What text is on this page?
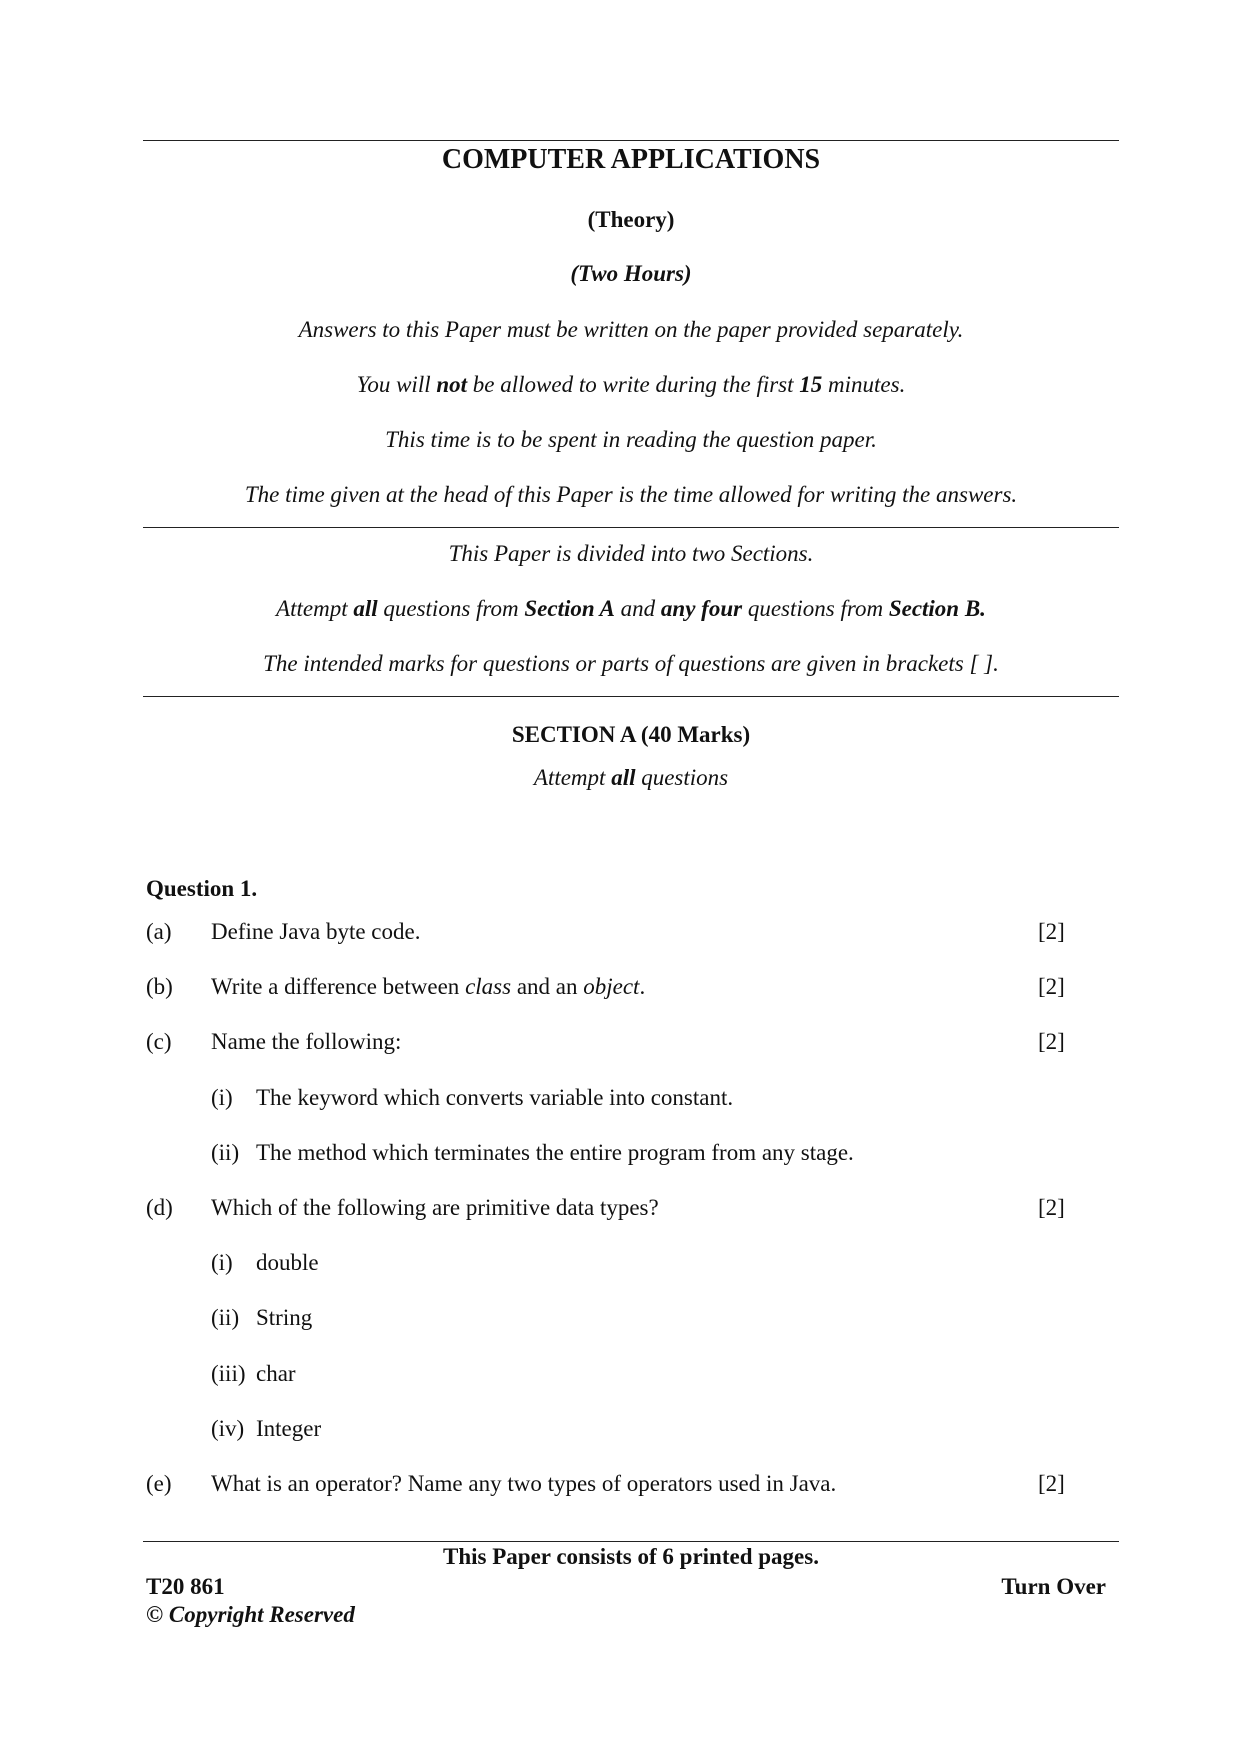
COMPUTER APPLICATIONS
(Theory)
(Two Hours)
Answers to this Paper must be written on the paper provided separately.
You will not be allowed to write during the first 15 minutes.
This time is to be spent in reading the question paper.
The time given at the head of this Paper is the time allowed for writing the answers.
This Paper is divided into two Sections.
Attempt all questions from Section A and any four questions from Section B.
The intended marks for questions or parts of questions are given in brackets [ ].
SECTION A (40 Marks)
Attempt all questions
Question 1.
(a) Define Java byte code.	[2]
(b) Write a difference between class and an object.	[2]
(c) Name the following:	[2]
(i) The keyword which converts variable into constant.
(ii) The method which terminates the entire program from any stage.
(d) Which of the following are primitive data types?	[2]
(i) double
(ii) String
(iii) char
(iv) Integer
(e) What is an operator? Name any two types of operators used in Java.	[2]
This Paper consists of 6 printed pages.
T20 861	Turn Over
© Copyright Reserved
